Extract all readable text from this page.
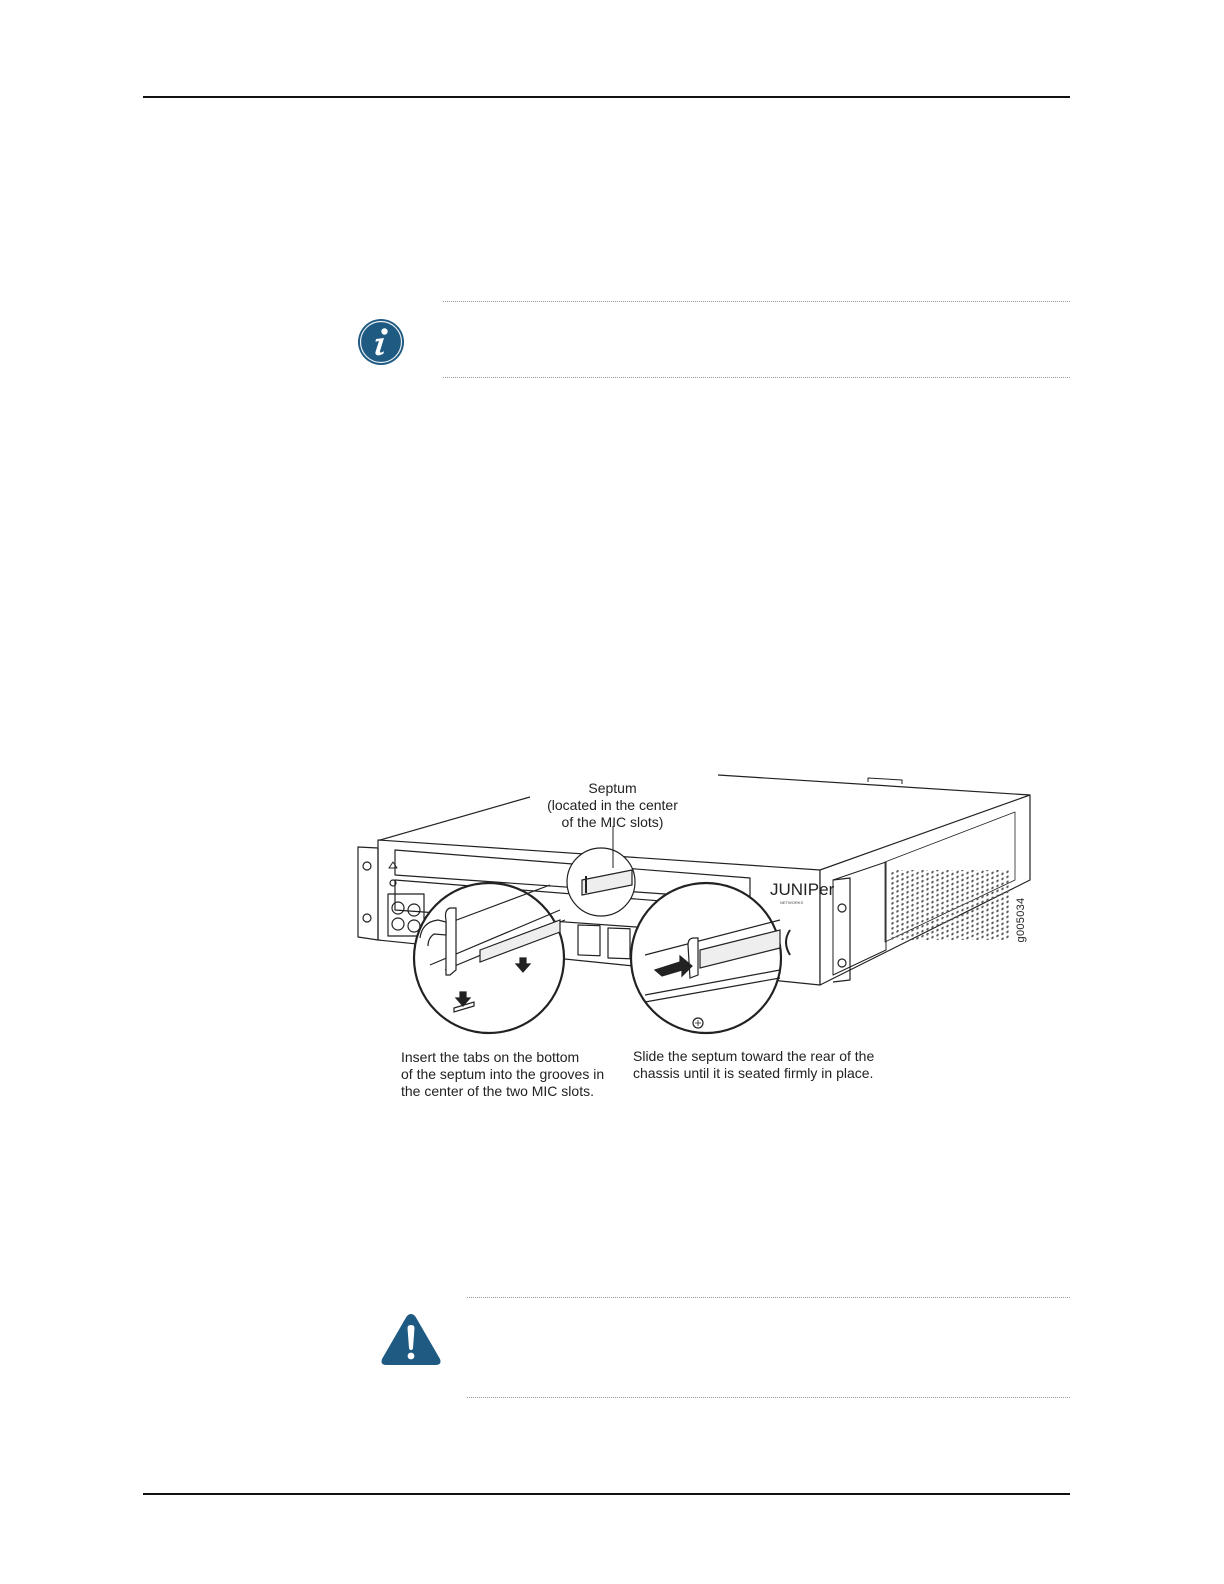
JUNIPer
NETWORKS
Septum
(located in the center
of the MIC slots)
Insert the tabs on the bottom
of the septum into the grooves in
the center of the two MIC slots.
Slide the septum toward the rear of the
chassis until it is seated firmly in place.
g005034
